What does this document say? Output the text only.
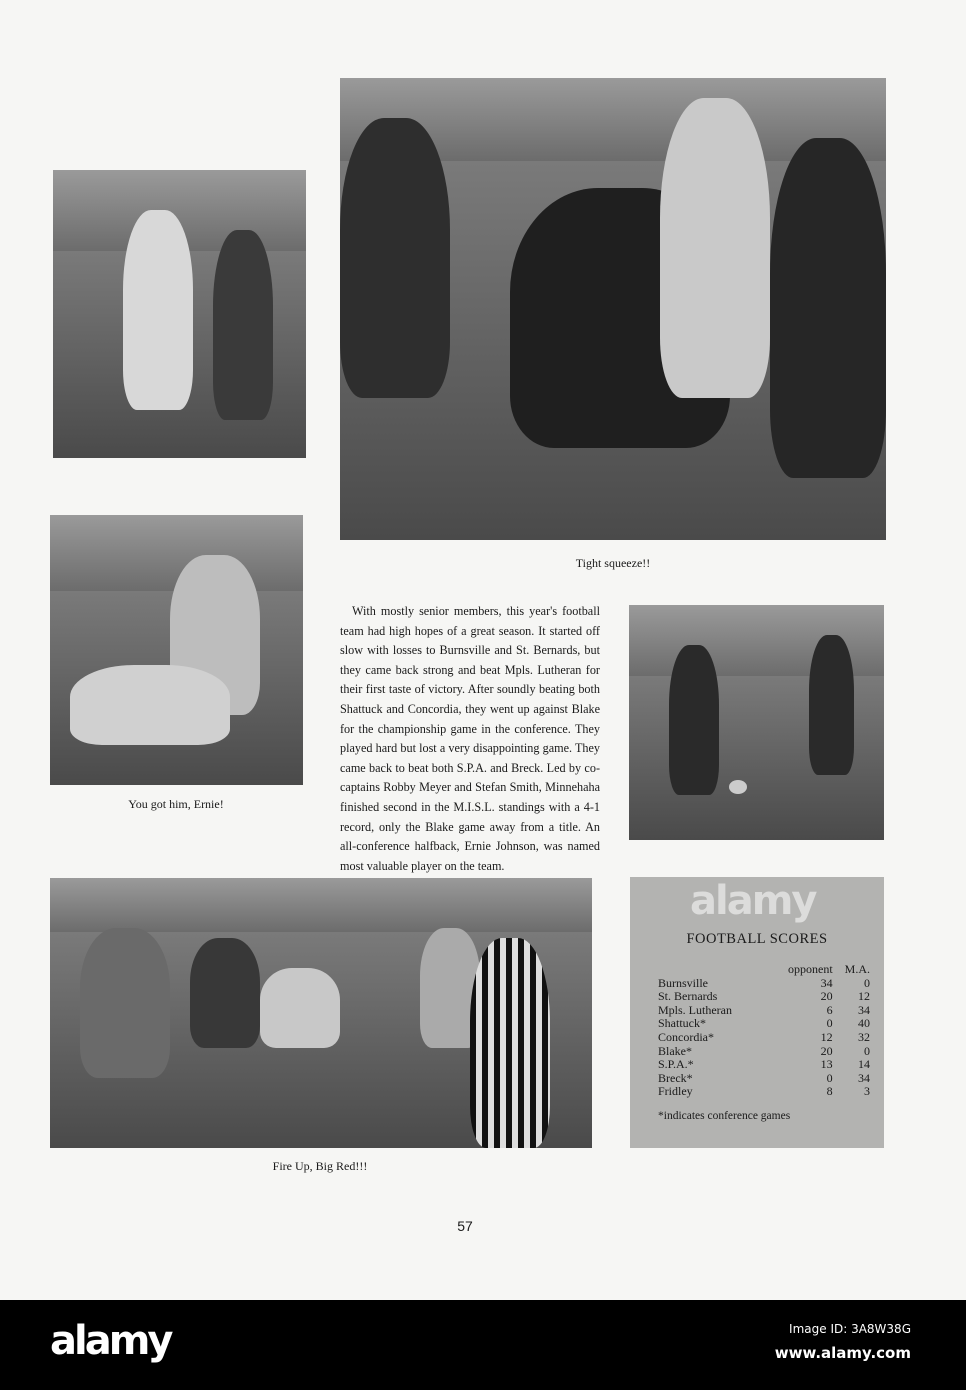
Tight squeeze!!
You got him, Ernie!

With mostly senior members, this year's football team had high hopes of a great season. It started off slow with losses to Burnsville and St. Bernards, but they came back strong and beat Mpls. Lutheran for their first taste of victory. After soundly beating both Shattuck and Concordia, they went up against Blake for the championship game in the conference. They played hard but lost a very disappointing game. They came back to beat both S.P.A. and Breck. Led by co-captains Robby Meyer and Stefan Smith, Minnehaha finished second in the M.I.S.L. standings with a 4-1 record, only the Blake game away from a title. An all-conference halfback, Ernie Johnson, was named most valuable player on the team.

Fire Up, Big Red!!!
FOOTBALL SCORES
	opponent	M.A.
Burnsville	34	0
St. Bernards	20	12
Mpls. Lutheran	6	34
Shattuck*	0	40
Concordia*	12	32
Blake*	20	0
S.P.A.*	13	14
Breck*	0	34
Fridley	8	3
*indicates conference games
alamy
57
alamy	Image ID: 3A8W38G
www.alamy.com
